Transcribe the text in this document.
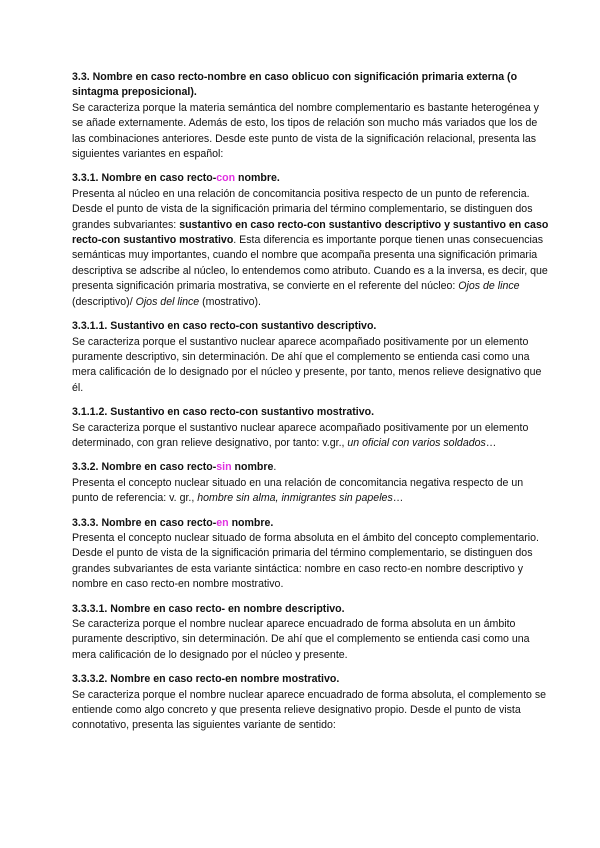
3.3. Nombre en caso recto-nombre en caso oblicuo con significación primaria externa (o sintagma preposicional).

Se caracteriza porque la materia semántica del nombre complementario es bastante heterogénea y se añade externamente. Además de esto, los tipos de relación son mucho más variados que los de las combinaciones anteriores. Desde este punto de vista de la significación relacional, presenta las siguientes variantes en español:

3.3.1. Nombre en caso recto-con nombre.

Presenta al núcleo en una relación de concomitancia positiva respecto de un punto de referencia. Desde el punto de vista de la significación primaria del término complementario, se distinguen dos grandes subvariantes: sustantivo en caso recto-con sustantivo descriptivo y sustantivo en caso recto-con sustantivo mostrativo. Esta diferencia es importante porque tienen unas consecuencias semánticas muy importantes, cuando el nombre que acompaña presenta una significación primaria descriptiva se adscribe al núcleo, lo entendemos como atributo. Cuando es a la inversa, es decir, que presenta significación primaria mostrativa, se convierte en el referente del núcleo: Ojos de lince (descriptivo)/ Ojos del lince (mostrativo).

3.3.1.1. Sustantivo en caso recto-con sustantivo descriptivo.

Se caracteriza porque el sustantivo nuclear aparece acompañado positivamente por un elemento puramente descriptivo, sin determinación. De ahí que el complemento se entienda casi como una mera calificación de lo designado por el núcleo y presente, por tanto, menos relieve designativo que él.

3.1.1.2. Sustantivo en caso recto-con sustantivo mostrativo.

Se caracteriza porque el sustantivo nuclear aparece acompañado positivamente por un elemento determinado, con gran relieve designativo, por tanto: v.gr., un oficial con varios soldados…

3.3.2. Nombre en caso recto-sin nombre.

Presenta el concepto nuclear situado en una relación de concomitancia negativa respecto de un punto de referencia: v. gr., hombre sin alma, inmigrantes sin papeles…

3.3.3. Nombre en caso recto-en nombre.

Presenta el concepto nuclear situado de forma absoluta en el ámbito del concepto complementario. Desde el punto de vista de la significación primaria del término complementario, se distinguen dos grandes subvariantes de esta variante sintáctica: nombre en caso recto-en nombre descriptivo y nombre en caso recto-en nombre mostrativo.

3.3.3.1. Nombre en caso recto- en nombre descriptivo.

Se caracteriza porque el nombre nuclear aparece encuadrado de forma absoluta en un ámbito puramente descriptivo, sin determinación. De ahí que el complemento se entienda casi como una mera calificación de lo designado por el núcleo y presente.

3.3.3.2. Nombre en caso recto-en nombre mostrativo.

Se caracteriza porque el nombre nuclear aparece encuadrado de forma absoluta, el complemento se entiende como algo concreto y que presenta relieve designativo propio. Desde el punto de vista connotativo, presenta las siguientes variante de sentido:
